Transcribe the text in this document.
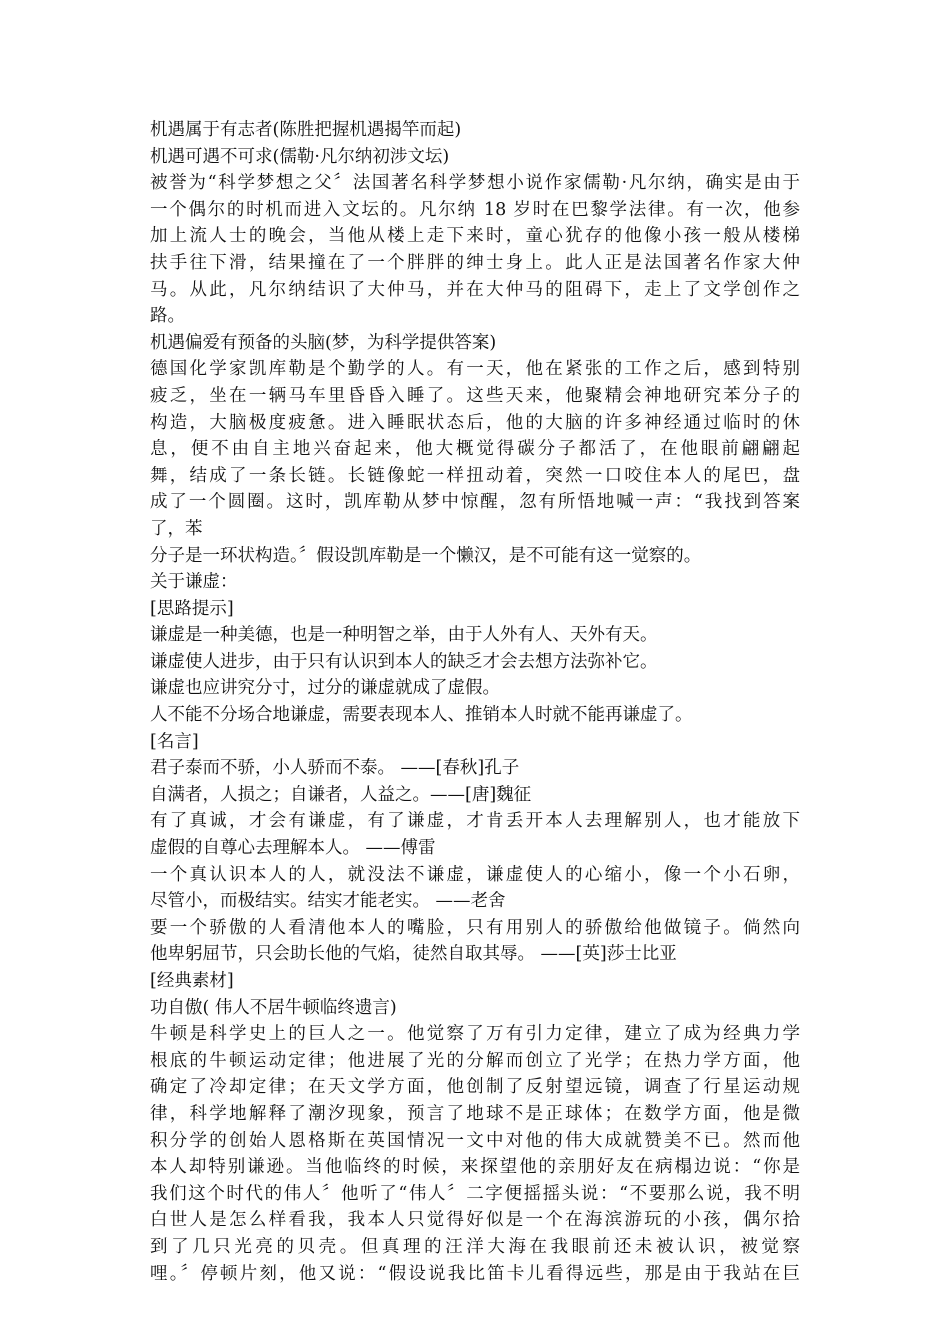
机遇属于有志者(陈胜把握机遇揭竿而起)
机遇可遇不可求(儒勒·凡尔纳初涉文坛)
被誉为“科学梦想之父〞法国著名科学梦想小说作家儒勒·凡尔纳，确实是由于
一个偶尔的时机而进入文坛的。凡尔纳 18 岁时在巴黎学法律。有一次，他参
加上流人士的晚会，当他从楼上走下来时，童心犹存的他像小孩一般从楼梯
扶手往下滑，结果撞在了一个胖胖的绅士身上。此人正是法国著名作家大仲
马。从此，凡尔纳结识了大仲马，并在大仲马的阻碍下，走上了文学创作之
路。
机遇偏爱有预备的头脑(梦，为科学提供答案)
德国化学家凯库勒是个勤学的人。有一天，他在紧张的工作之后，感到特别
疲乏，坐在一辆马车里昏昏入睡了。这些天来，他聚精会神地研究苯分子的
构造，大脑极度疲惫。进入睡眠状态后，他的大脑的许多神经通过临时的休
息，便不由自主地兴奋起来，他大概觉得碳分子都活了，在他眼前翩翩起
舞，结成了一条长链。长链像蛇一样扭动着，突然一口咬住本人的尾巴，盘
成了一个圆圈。这时，凯库勒从梦中惊醒，忽有所悟地喊一声：“我找到答案
了，苯
分子是一环状构造。〞假设凯库勒是一个懒汉，是不可能有这一觉察的。
关于谦虚：
[思路提示]
谦虚是一种美德，也是一种明智之举，由于人外有人、天外有天。
谦虚使人进步，由于只有认识到本人的缺乏才会去想方法弥补它。
谦虚也应讲究分寸，过分的谦虚就成了虚假。
人不能不分场合地谦虚，需要表现本人、推销本人时就不能再谦虚了。
[名言]
君子泰而不骄，小人骄而不泰。 ——[春秋]孔子
自满者，人损之；自谦者，人益之。——[唐]魏征
有了真诚，才会有谦虚，有了谦虚，才肯丢开本人去理解别人，也才能放下
虚假的自尊心去理解本人。 ——傅雷
一个真认识本人的人，就没法不谦虚，谦虚使人的心缩小，像一个小石卵，
尽管小，而极结实。结实才能老实。 ——老舍
要一个骄傲的人看清他本人的嘴脸，只有用别人的骄傲给他做镜子。倘然向
他卑躬屈节，只会助长他的气焰，徒然自取其辱。 ——[英]莎士比亚
[经典素材]
功自傲( 伟人不居牛顿临终遗言)
牛顿是科学史上的巨人之一。他觉察了万有引力定律，建立了成为经典力学
根底的牛顿运动定律；他进展了光的分解而创立了光学；在热力学方面，他
确定了冷却定律；在天文学方面，他创制了反射望远镜，调查了行星运动规
律，科学地解释了潮汐现象，预言了地球不是正球体；在数学方面，他是微
积分学的创始人恩格斯在英国情况一文中对他的伟大成就赞美不已。然而他
本人却特别谦逊。当他临终的时候，来探望他的亲朋好友在病榻边说：“你是
我们这个时代的伟人〞他听了“伟人〞二字便摇摇头说：“不要那么说，我不明
白世人是怎么样看我，我本人只觉得好似是一个在海滨游玩的小孩，偶尔拾
到了几只光亮的贝壳。但真理的汪洋大海在我眼前还未被认识，被觉察
哩。〞停顿片刻，他又说：“假设说我比笛卡儿看得远些，那是由于我站在巨
